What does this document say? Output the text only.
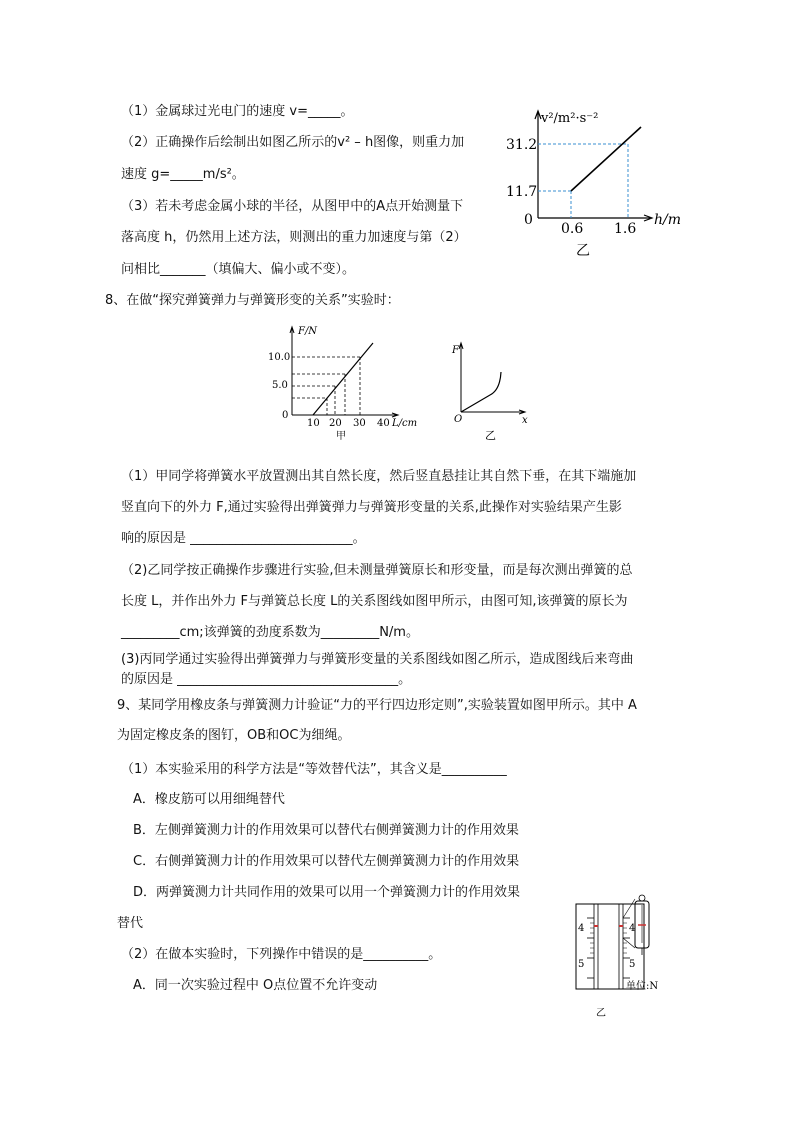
（1）金属球过光电门的速度 v=_____。
（2）正确操作后绘制出如图乙所示的v² – h图像，则重力加
速度 g=_____m/s²。
（3）若未考虑金属小球的半径，从图甲中的A点开始测量下
落高度 h，仍然用上述方法，则测出的重力加速度与第（2）
问相比_______（填偏大、偏小或不变）。
v²/m²·s⁻²
h/m
31.2
11.7
0
0.6 1.6
乙
8、在做“探究弹簧弹力与弹簧形变的关系”实验时：
F/N
10.0
5.0
0
10 20 30 40 L/cm
甲
F
O	x
乙
（1）甲同学将弹簧水平放置测出其自然长度，然后竖直悬挂让其自然下垂，在其下端施加
竖直向下的外力 F,通过实验得出弹簧弹力与弹簧形变量的关系,此操作对实验结果产生影
响的原因是 _________________________。
（2)乙同学按正确操作步骤进行实验,但未测量弹簧原长和形变量，而是每次测出弹簧的总
长度 L，并作出外力 F与弹簧总长度 L的关系图线如图甲所示，由图可知,该弹簧的原长为
_________cm;该弹簧的劲度系数为_________N/m。
(3)丙同学通过实验得出弹簧弹力与弹簧形变量的关系图线如图乙所示，造成图线后来弯曲
的原因是 __________________________________。
9、某同学用橡皮条与弹簧测力计验证“力的平行四边形定则”,实验装置如图甲所示。其中 A
为固定橡皮条的图钉，OB和OC为细绳。
（1）本实验采用的科学方法是“等效替代法”，其含义是__________
A．橡皮筋可以用细绳替代
B．左侧弹簧测力计的作用效果可以替代右侧弹簧测力计的作用效果
C．右侧弹簧测力计的作用效果可以替代左侧弹簧测力计的作用效果
D．两弹簧测力计共同作用的效果可以用一个弹簧测力计的作用效果
替代
（2）在做本实验时，下列操作中错误的是__________。
A．同一次实验过程中 O点位置不允许变动
4
5
4
5
单位:N
乙
